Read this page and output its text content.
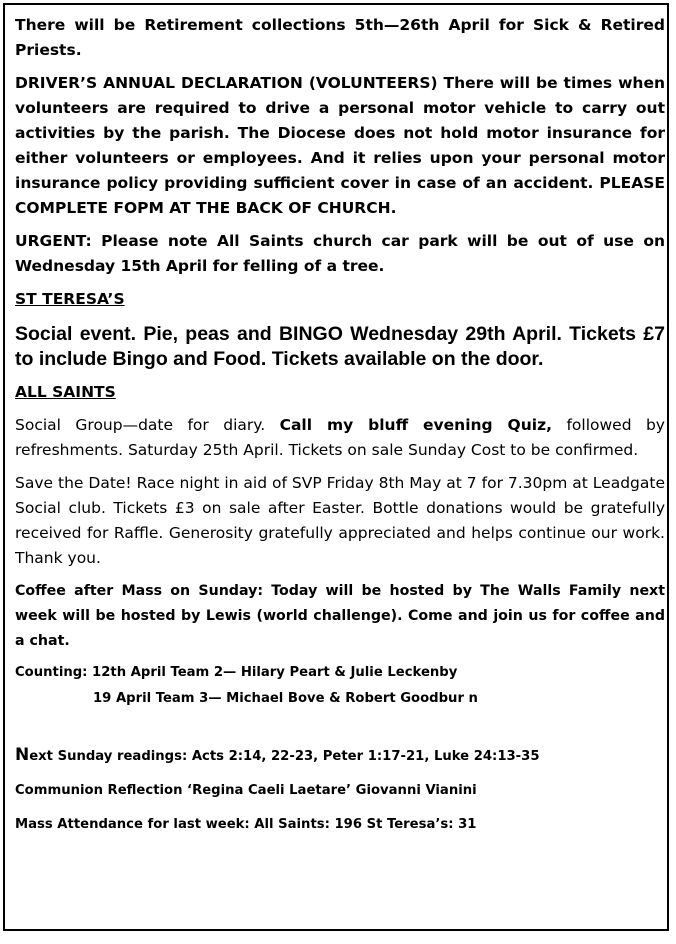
There will be Retirement collections 5th—26th April for Sick & Retired Priests.

DRIVER’S ANNUAL DECLARATION (VOLUNTEERS) There will be times when volunteers are required to drive a personal motor vehicle to carry out activities by the parish. The Diocese does not hold motor insurance for either volunteers or employees. And it relies upon your personal motor insurance policy providing sufficient cover in case of an accident. PLEASE COMPLETE FOPM AT THE BACK OF CHURCH.

URGENT: Please note All Saints church car park will be out of use on Wednesday 15th April for felling of a tree.

ST TERESA’S

Social event. Pie, peas and BINGO Wednesday 29th April. Tickets £7 to include Bingo and Food. Tickets available on the door.

ALL SAINTS

Social Group—date for diary. Call my bluff evening Quiz, followed by refreshments. Saturday 25th April. Tickets on sale Sunday Cost to be confirmed.

Save the Date! Race night in aid of SVP Friday 8th May at 7 for 7.30pm at Leadgate Social club. Tickets £3 on sale after Easter. Bottle donations would be gratefully received for Raffle. Generosity gratefully appreciated and helps continue our work. Thank you.

Coffee after Mass on Sunday: Today will be hosted by The Walls Family next week will be hosted by Lewis (world challenge). Come and join us for coffee and a chat.

Counting: 12th April Team 2— Hilary Peart & Julie Leckenby

19 April Team 3— Michael Bove & Robert Goodbur n

Next Sunday readings: Acts 2:14, 22-23, Peter 1:17-21, Luke 24:13-35

Communion Reflection ‘Regina Caeli Laetare’ Giovanni Vianini

Mass Attendance for last week: All Saints: 196 St Teresa’s: 31
